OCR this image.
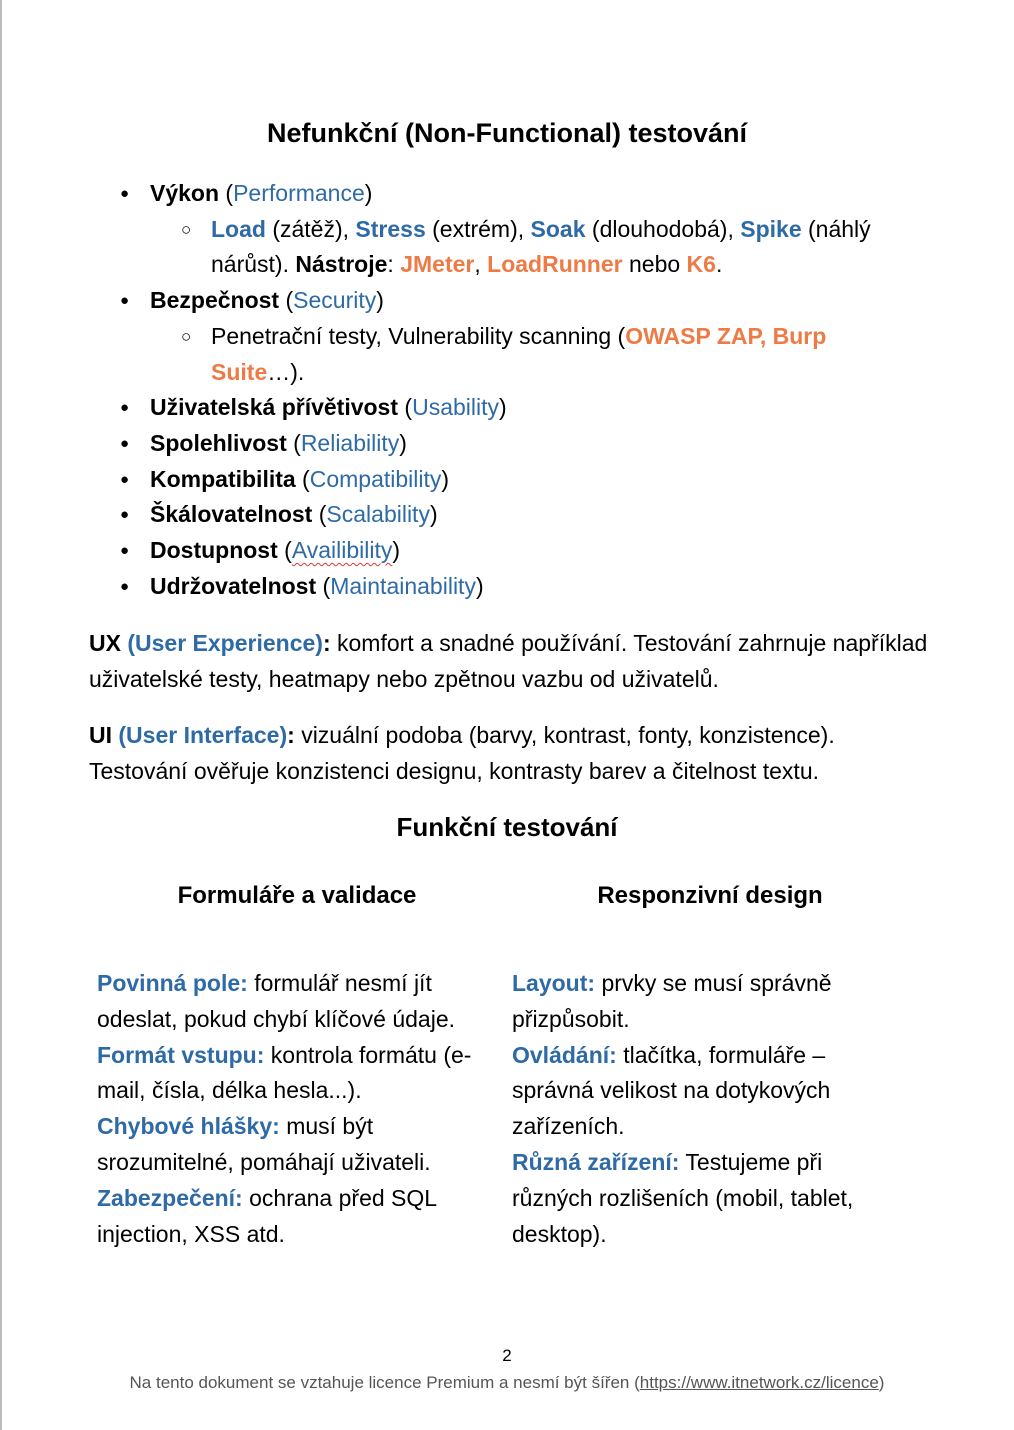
Nefunkční (Non-Functional) testování
● Výkon (Performance)
○ Load (zátěž), Stress (extrém), Soak (dlouhodobá), Spike (náhlý nárůst). Nástroje: JMeter, LoadRunner nebo K6.
● Bezpečnost (Security)
○ Penetrační testy, Vulnerability scanning (OWASP ZAP, Burp Suite…).
● Uživatelská přívětivost (Usability)
● Spolehlivost (Reliability)
● Kompatibilita (Compatibility)
● Škálovatelnost (Scalability)
● Dostupnost (Availibility)
● Udržovatelnost (Maintainability)

UX (User Experience): komfort a snadné používání. Testování zahrnuje například uživatelské testy, heatmapy nebo zpětnou vazbu od uživatelů.

UI (User Interface): vizuální podoba (barvy, kontrast, fonty, konzistence). Testování ověřuje konzistenci designu, kontrasty barev a čitelnost textu.

Funkční testování
Formuláře a validace	Responzivní design

Povinná pole: formulář nesmí jít odeslat, pokud chybí klíčové údaje.

Formát vstupu: kontrola formátu (e-mail, čísla, délka hesla...).

Chybové hlášky: musí být srozumitelné, pomáhají uživateli.

Zabezpečení: ochrana před SQL injection, XSS atd.

Layout: prvky se musí správně přizpůsobit.

Ovládání: tlačítka, formuláře – správná velikost na dotykových zařízeních.

Různá zařízení: Testujeme při různých rozlišeních (mobil, tablet, desktop).

2
Na tento dokument se vztahuje licence Premium a nesmí být šířen (https://www.itnetwork.cz/licence)
